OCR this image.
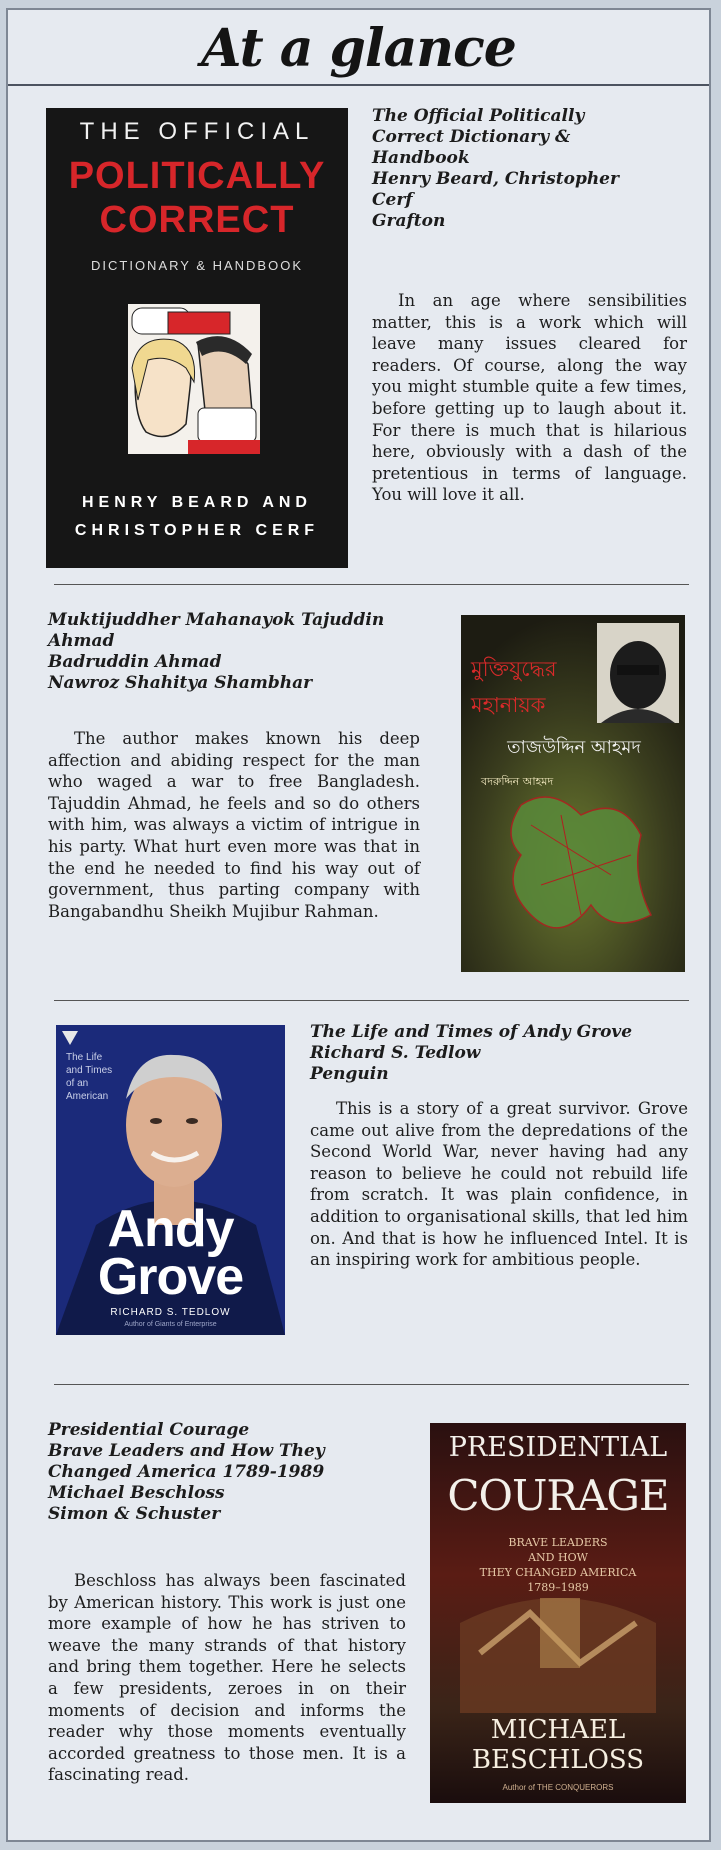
At a glance
THE OFFICIAL
POLITICALLY
CORRECT
DICTIONARY & HANDBOOK
HENRY BEARD AND
CHRISTOPHER CERF
The Official Politically
Correct Dictionary &
Handbook
Henry Beard, Christopher
Cerf
Grafton

In an age where sensibilities matter, this is a work which will leave many issues cleared for readers. Of course, along the way you might stumble quite a few times, before getting up to laugh about it. For there is much that is hilarious here, obviously with a dash of the pretentious in terms of language. You will love it all.

Muktijuddher Mahanayok Tajuddin
Ahmad
Badruddin Ahmad
Nawroz Shahitya Shambhar

The author makes known his deep affection and abiding respect for the man who waged a war to free Bangladesh. Tajuddin Ahmad, he feels and so do others with him, was always a victim of intrigue in his party. What hurt even more was that in the end he needed to find his way out of government, thus parting company with Bangabandhu Sheikh Mujibur Rahman.

মুক্তিযুদ্ধের
মহানায়ক
তাজউদ্দিন আহমদ
বদরুদ্দিন আহমদ
The Life
and Times
of an
American
Andy
Grove
RICHARD S. TEDLOW
Author of Giants of Enterprise
The Life and Times of Andy Grove
Richard S. Tedlow
Penguin

This is a story of a great survivor. Grove came out alive from the depredations of the Second World War, never having had any reason to believe he could not rebuild life from scratch. It was plain confidence, in addition to organisational skills, that led him on. And that is how he influenced Intel. It is an inspiring work for ambitious people.

Presidential Courage
Brave Leaders and How They
Changed America 1789-1989
Michael Beschloss
Simon & Schuster

Beschloss has always been fascinated by American history. This work is just one more example of how he has striven to weave the many strands of that history and bring them together. Here he selects a few presidents, zeroes in on their moments of decision and informs the reader why those moments eventually accorded greatness to those men. It is a fascinating read.

PRESIDENTIAL
COURAGE
BRAVE LEADERS
AND HOW
THEY CHANGED AMERICA
1789–1989
MICHAEL
BESCHLOSS
Author of THE CONQUERORS
